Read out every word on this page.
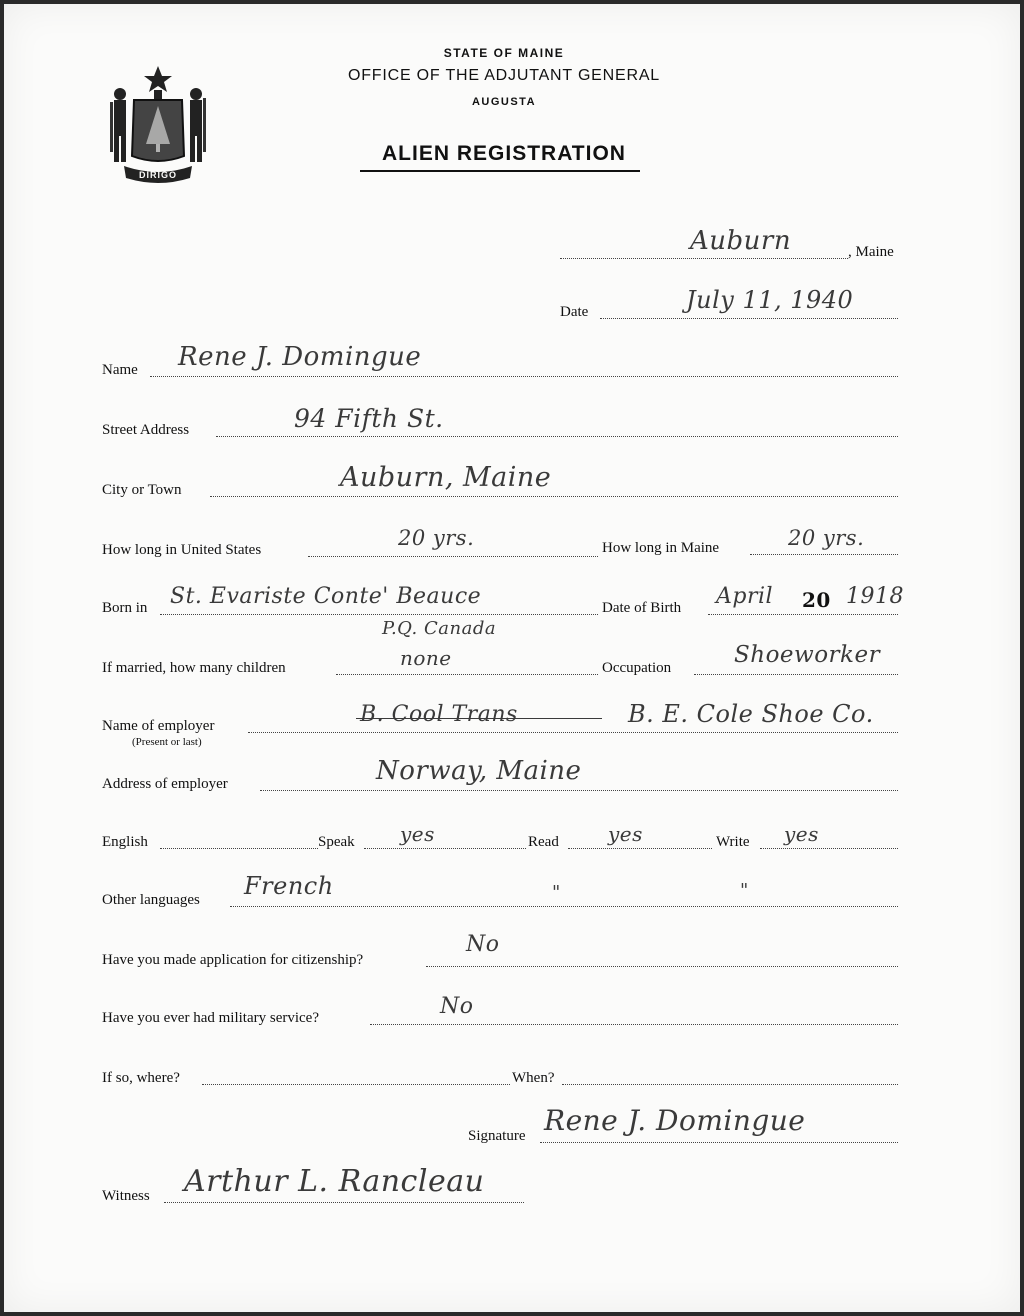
DIRIGO
STATE OF MAINE
OFFICE OF THE ADJUTANT GENERAL
AUGUSTA
ALIEN REGISTRATION
Auburn	, Maine
Date	July 11, 1940
Name Rene J. Domingue
Street Address	94 Fifth St.
City or Town	Auburn, Maine
How long in United States	20 yrs.	How long in Maine	20 yrs.
Born in St. Evariste Conte' Beauce
P.Q. Canada
Date of Birth April 20 1918
If married, how many children	none	Occupation	Shoeworker
Name of employer
(Present or last)
B. Cool Trans	B. E. Cole Shoe Co.
Address of employer	Norway, Maine
English	Speak yes	Read yes	Write yes
Other languages French	"	"
Have you made application for citizenship?
No
Have you ever had military service?	No
If so, where?	When?
Signature Rene J. Domingue
Witness Arthur L. Rancleau
